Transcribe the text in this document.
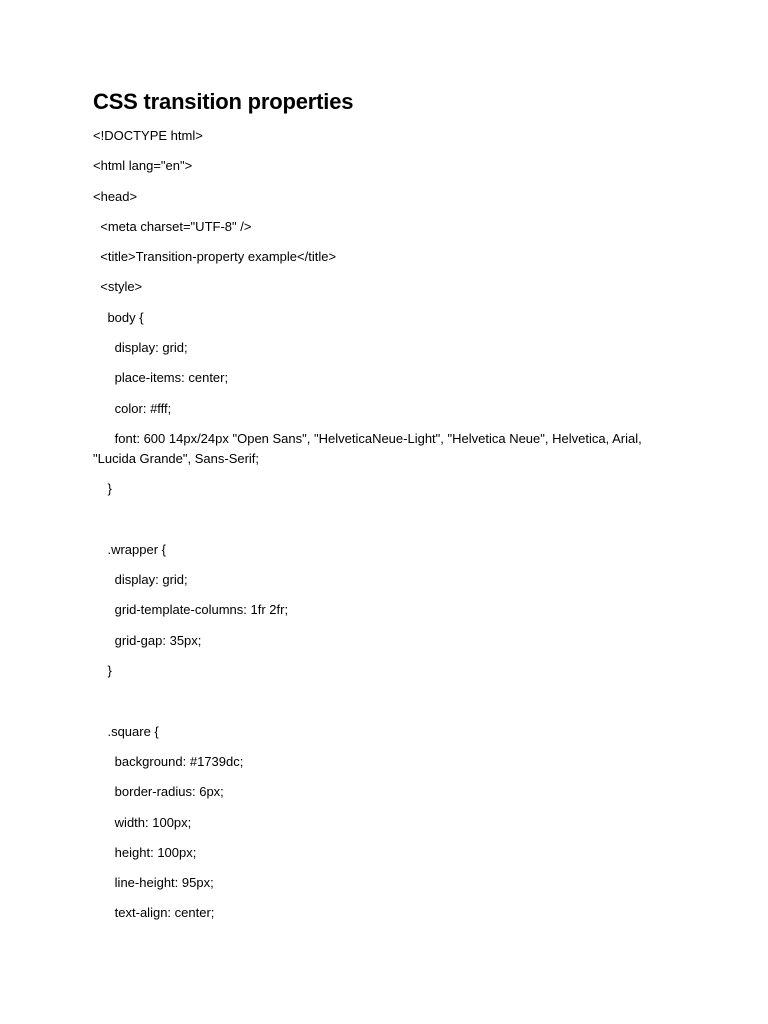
CSS transition properties

<!DOCTYPE html>

<html lang="en">

<head>

<meta charset="UTF-8" />

<title>Transition-property example</title>

<style>

body {

display: grid;

place-items: center;

color: #fff;

font: 600 14px/24px "Open Sans", "HelveticaNeue-Light", "Helvetica Neue", Helvetica, Arial, "Lucida Grande", Sans-Serif;

}

.wrapper {

display: grid;

grid-template-columns: 1fr 2fr;

grid-gap: 35px;

}

.square {

background: #1739dc;

border-radius: 6px;

width: 100px;

height: 100px;

line-height: 95px;

text-align: center;
